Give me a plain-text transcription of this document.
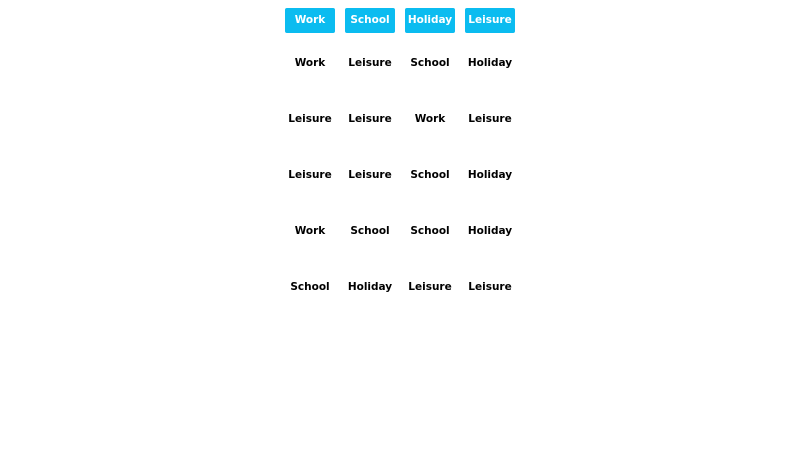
Work	School	Holiday	Leisure
Work	Leisure	School	Holiday
Leisure	Leisure	Work	Leisure
Leisure	Leisure	School	Holiday
Work	School	School	Holiday
School	Holiday	Leisure	Leisure
